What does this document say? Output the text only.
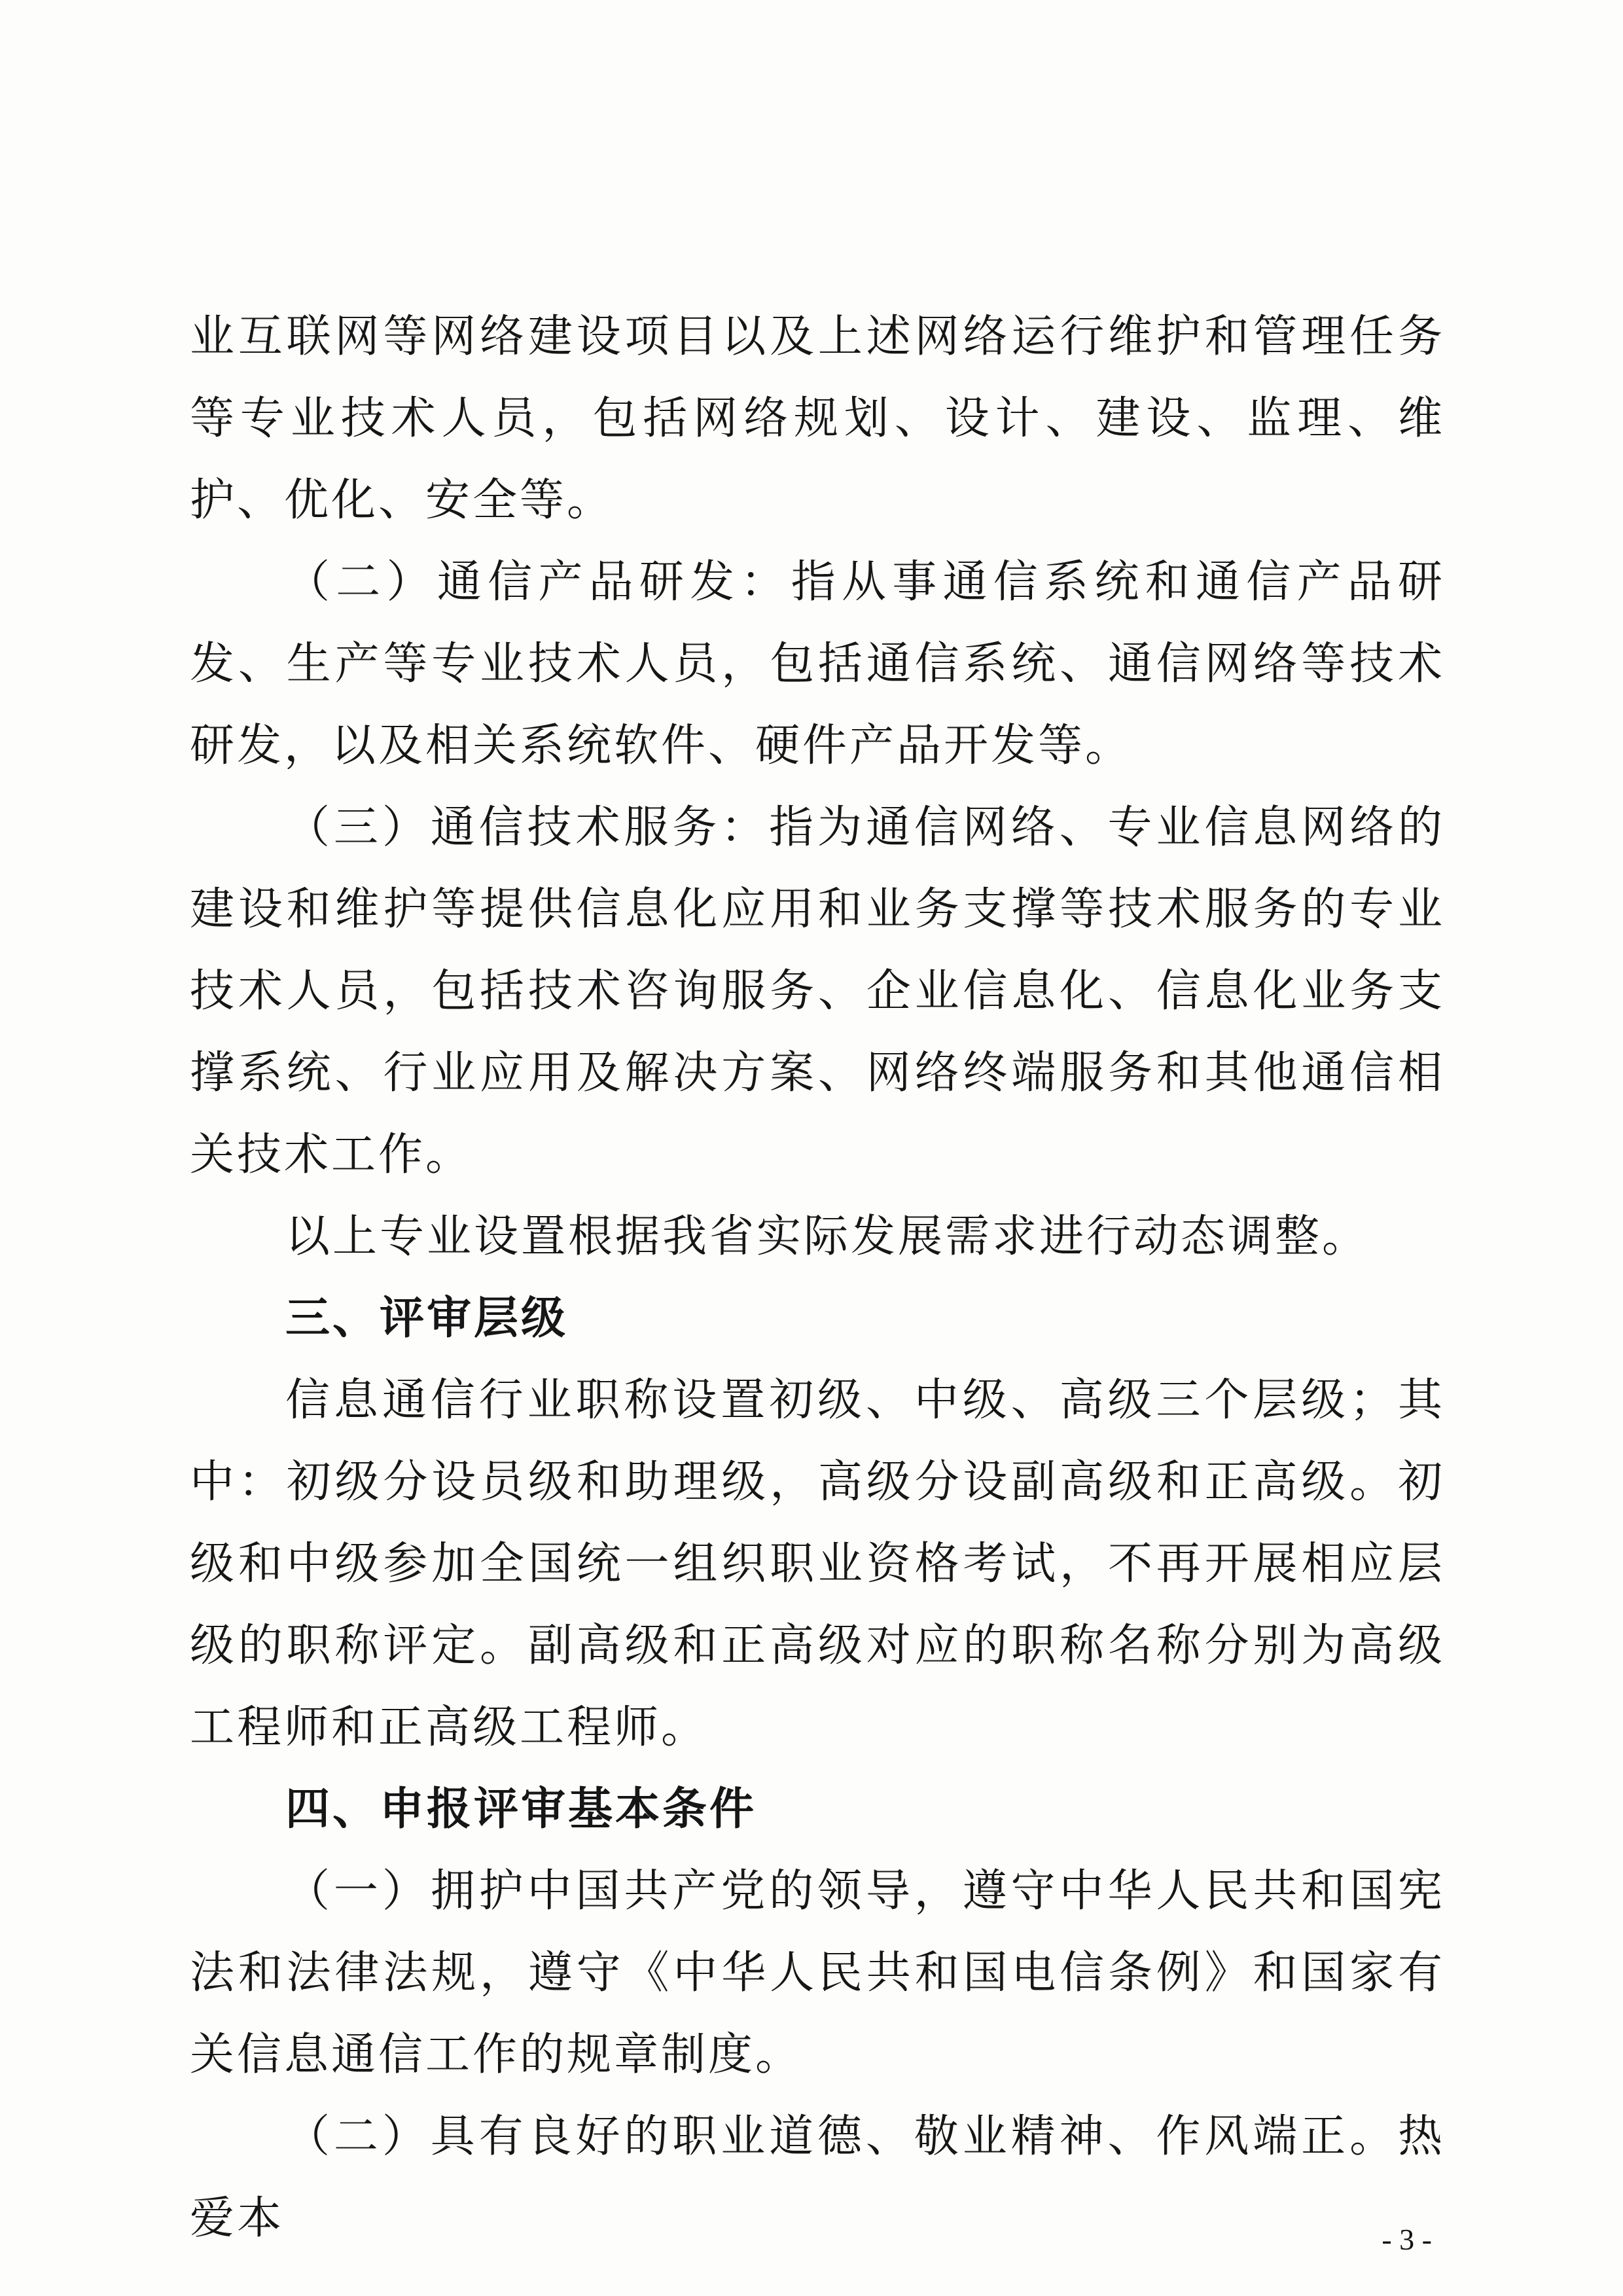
业互联网等网络建设项目以及上述网络运行维护和管理任务等专业技术人员，包括网络规划、设计、建设、监理、维护、优化、安全等。

（二）通信产品研发：指从事通信系统和通信产品研发、生产等专业技术人员，包括通信系统、通信网络等技术研发，以及相关系统软件、硬件产品开发等。

（三）通信技术服务：指为通信网络、专业信息网络的建设和维护等提供信息化应用和业务支撑等技术服务的专业技术人员，包括技术咨询服务、企业信息化、信息化业务支撑系统、行业应用及解决方案、网络终端服务和其他通信相关技术工作。

以上专业设置根据我省实际发展需求进行动态调整。

三、评审层级

信息通信行业职称设置初级、中级、高级三个层级；其中：初级分设员级和助理级，高级分设副高级和正高级。初级和中级参加全国统一组织职业资格考试，不再开展相应层级的职称评定。副高级和正高级对应的职称名称分别为高级工程师和正高级工程师。

四、申报评审基本条件

（一）拥护中国共产党的领导，遵守中华人民共和国宪法和法律法规，遵守《中华人民共和国电信条例》和国家有关信息通信工作的规章制度。

（二）具有良好的职业道德、敬业精神、作风端正。热爱本	- 3 -
